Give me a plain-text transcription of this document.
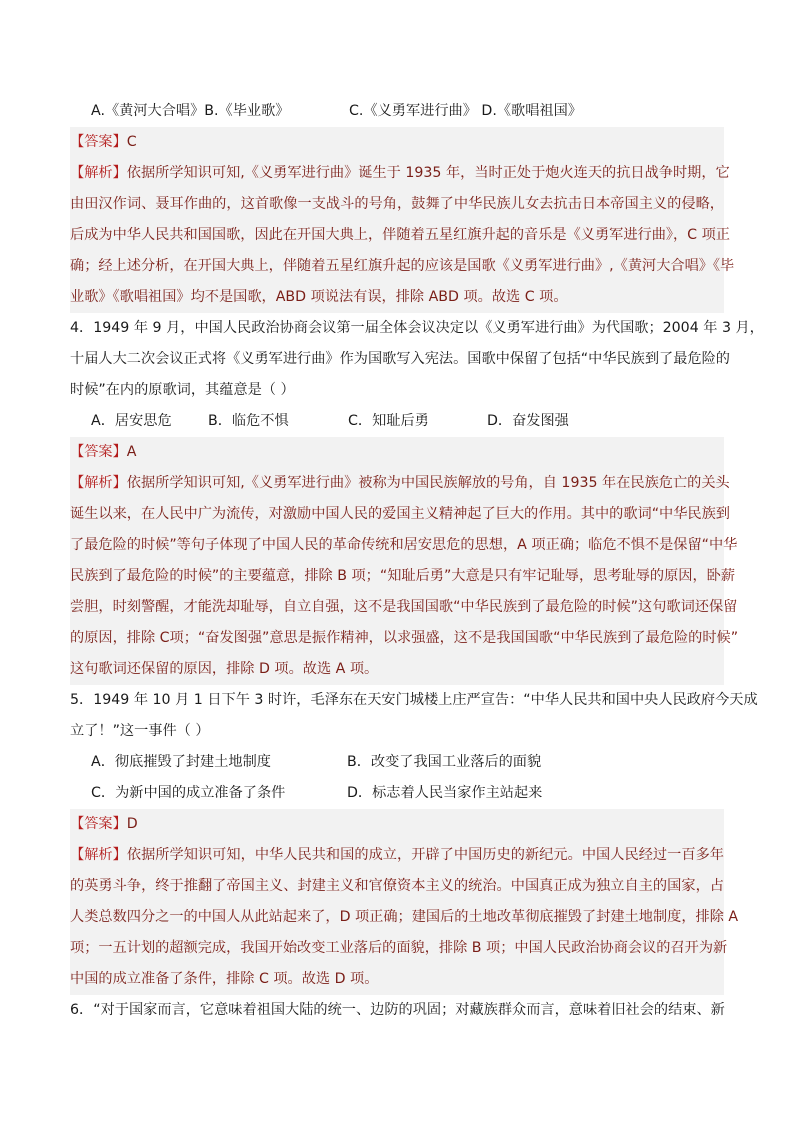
A.《黄河大合唱》B.《毕业歌》	C.《义勇军进行曲》 D.《歌唱祖国》
【答案】C
【解析】依据所学知识可知,《义勇军进行曲》诞生于 1935 年，当时正处于炮火连天的抗日战争时期，它
由田汉作词、聂耳作曲的，这首歌像一支战斗的号角，鼓舞了中华民族儿女去抗击日本帝国主义的侵略，
后成为中华人民共和国国歌，因此在开国大典上，伴随着五星红旗升起的音乐是《义勇军进行曲》，C 项正
确；经上述分析，在开国大典上，伴随着五星红旗升起的应该是国歌《义勇军进行曲》,《黄河大合唱》《毕
业歌》《歌唱祖国》均不是国歌，ABD 项说法有误，排除 ABD 项。故选 C 项。
4．1949 年 9 月，中国人民政治协商会议第一届全体会议决定以《义勇军进行曲》为代国歌；2004 年 3 月，
十届人大二次会议正式将《义勇军进行曲》作为国歌写入宪法。国歌中保留了包括“中华民族到了最危险的
时候”在内的原歌词，其蕴意是（ ）
A．居安思危	B．临危不惧	C．知耻后勇	D．奋发图强
【答案】A
【解析】依据所学知识可知,《义勇军进行曲》被称为中国民族解放的号角，自 1935 年在民族危亡的关头
诞生以来，在人民中广为流传，对激励中国人民的爱国主义精神起了巨大的作用。其中的歌词“中华民族到
了最危险的时候”等句子体现了中国人民的革命传统和居安思危的思想，A 项正确；临危不惧不是保留“中华
民族到了最危险的时候”的主要蕴意，排除 B 项；“知耻后勇”大意是只有牢记耻辱，思考耻辱的原因，卧薪
尝胆，时刻警醒，才能洗却耻辱，自立自强，这不是我国国歌“中华民族到了最危险的时候”这句歌词还保留
的原因，排除 C项；“奋发图强”意思是振作精神，以求强盛，这不是我国国歌“中华民族到了最危险的时候”
这句歌词还保留的原因，排除 D 项。故选 A 项。
5．1949 年 10 月 1 日下午 3 时许，毛泽东在天安门城楼上庄严宣告：“中华人民共和国中央人民政府今天成
立了！”这一事件（ ）
A．彻底摧毁了封建土地制度	B．改变了我国工业落后的面貌
C．为新中国的成立准备了条件	D．标志着人民当家作主站起来
【答案】D
【解析】依据所学知识可知，中华人民共和国的成立，开辟了中国历史的新纪元。中国人民经过一百多年
的英勇斗争，终于推翻了帝国主义、封建主义和官僚资本主义的统治。中国真正成为独立自主的国家，占
人类总数四分之一的中国人从此站起来了，D 项正确；建国后的土地改革彻底摧毁了封建土地制度，排除 A
项；一五计划的超额完成，我国开始改变工业落后的面貌，排除 B 项；中国人民政治协商会议的召开为新
中国的成立准备了条件，排除 C 项。故选 D 项。
6．“对于国家而言，它意味着祖国大陆的统一、边防的巩固；对藏族群众而言，意味着旧社会的结束、新
